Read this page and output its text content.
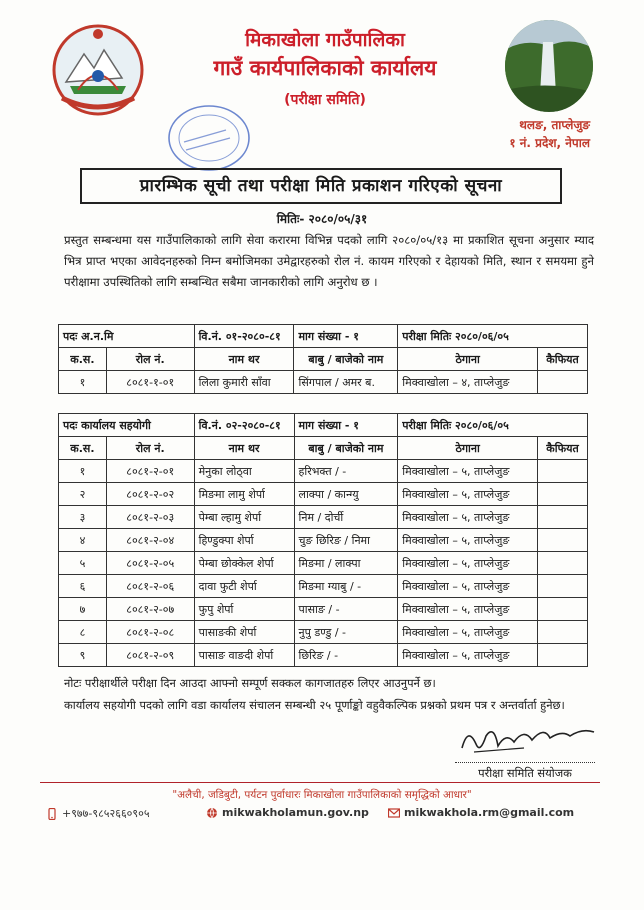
मिकाखोला गाउँपालिका
गाउँ कार्यपालिकाको कार्यालय
(परीक्षा समिति)
थलङ, ताप्लेजुङ
१ नं. प्रदेश, नेपाल
प्रारम्भिक सूची तथा परीक्षा मिति प्रकाशन गरिएको सूचना
मितिः- २०८०/०५/३१
प्रस्तुत सम्बन्धमा यस गाउँपालिकाको लागि सेवा करारमा विभिन्न पदको लागि २०८०/०५/१३ मा प्रकाशित सूचना अनुसार म्याद भित्र प्राप्त भएका आवेदनहरुको निम्न बमोजिमका उमेद्वारहरुको रोल नं. कायम गरिएको र देहायको मिति, स्थान र समयमा हुने परीक्षामा उपस्थितिको लागि सम्बन्धित सबैमा जानकारीको लागि अनुरोध छ ।
पदः अ.न.मि		वि.नं. ०१-२०८०-८१	माग संख्या - १	परीक्षा मितिः २०८०/०६/०५	
क.स.	रोल नं.	नाम थर	बाबु / बाजेको नाम	ठेगाना	कैफियत
१	८०८१-१-०१	लिला कुमारी साँवा	सिंगपाल / अमर ब.	मिक्वाखोला – ४, ताप्लेजुङ	
पदः कार्यालय सहयोगी		वि.नं. ०२-२०८०-८१	माग संख्या - १	परीक्षा मितिः २०८०/०६/०५	
क.स.	रोल नं.	नाम थर	बाबु / बाजेको नाम	ठेगाना	कैफियत
१	८०८१-२-०१	मेनुका लोठ्वा	हरिभक्त / -	मिक्वाखोला – ५, ताप्लेजुङ	
२	८०८१-२-०२	मिङमा लामु शेर्पा	लाक्पा / कान्ग्यु	मिक्वाखोला – ५, ताप्लेजुङ	
३	८०८१-२-०३	पेम्बा ल्हामु शेर्पा	निम / दोर्ची	मिक्वाखोला – ५, ताप्लेजुङ	
४	८०८१-२-०४	हिण्डुक्पा शेर्पा	चुङ छिरिङ / निमा	मिक्वाखोला – ५, ताप्लेजुङ	
५	८०८१-२-०५	पेम्बा छोक्केल शेर्पा	मिङमा / लाक्पा	मिक्वाखोला – ५, ताप्लेजुङ	
६	८०८१-२-०६	दावा फुटी शेर्पा	मिङमा ग्याबु / -	मिक्वाखोला – ५, ताप्लेजुङ	
७	८०८१-२-०७	फुपु शेर्पा	पासाङ / -	मिक्वाखोला – ५, ताप्लेजुङ	
८	८०८१-२-०८	पासाङकी शेर्पा	नुपु डण्डु / -	मिक्वाखोला – ५, ताप्लेजुङ	
९	८०८१-२-०९	पासाङ वाङदी शेर्पा	छिरिङ / -	मिक्वाखोला – ५, ताप्लेजुङ	
नोटः परीक्षार्थीले परीक्षा दिन आउदा आफ्नो सम्पूर्ण सक्कल कागजातहरु लिएर आउनुपर्ने छ।
कार्यालय सहयोगी पदको लागि वडा कार्यालय संचालन सम्बन्धी २५ पूर्णाङ्को वहुवैकल्पिक प्रश्नको प्रथम पत्र र अन्तर्वार्ता हुनेछ।
परीक्षा समिति संयोजक
"अलैची, जडिबुटी, पर्यटन पुर्वाधारः मिकाखोला गाउँपालिकाको समृद्धिको आधार"
+९७७-९८५२६६०९०५	mikwakholamun.gov.np	mikwakhola.rm@gmail.com
